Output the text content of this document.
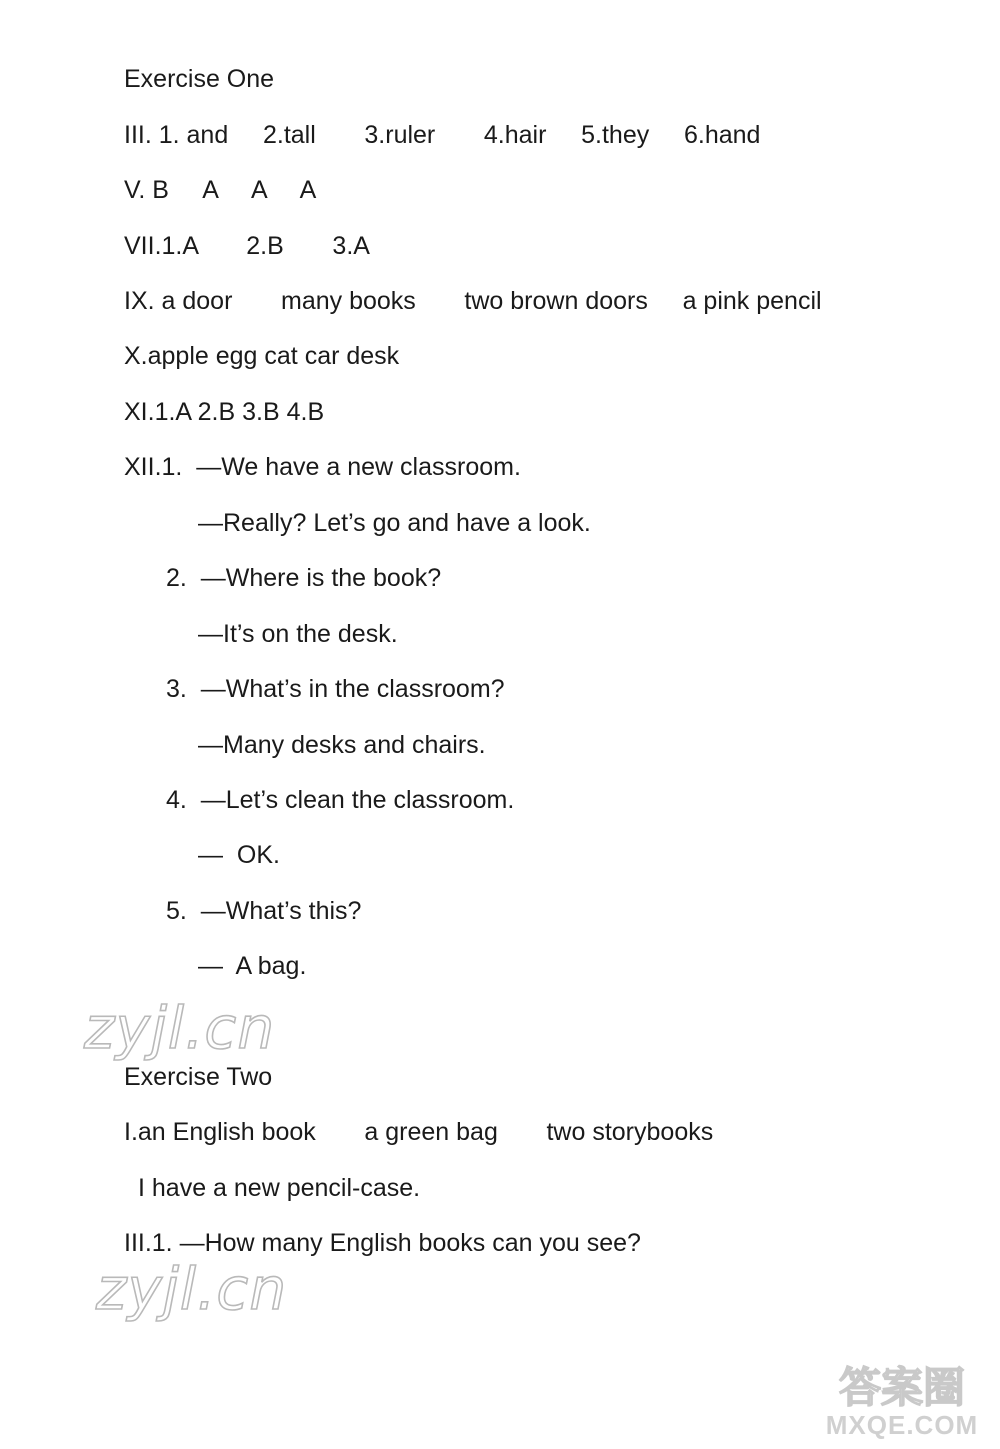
Exercise One
III. 1. and     2.tall       3.ruler       4.hair     5.they     6.hand
V. B     A     A     A
VII.1.A       2.B       3.A
IX. a door       many books       two brown doors     a pink pencil
X.apple egg cat car desk
XI.1.A 2.B 3.B 4.B
XII.1.  —We have a new classroom.
—Really? Let’s go and have a look.
2.  —Where is the book?
—It’s on the desk.
3.  —What’s in the classroom?
—Many desks and chairs.
4.  —Let’s clean the classroom.
—  OK.
5.  —What’s this?
—  A bag.
Exercise Two
I.an English book       a green bag       two storybooks
I have a new pencil-case.
III.1. —How many English books can you see?
zyjl.cn
zyjl.cn
答案圈
MXQE.COM
